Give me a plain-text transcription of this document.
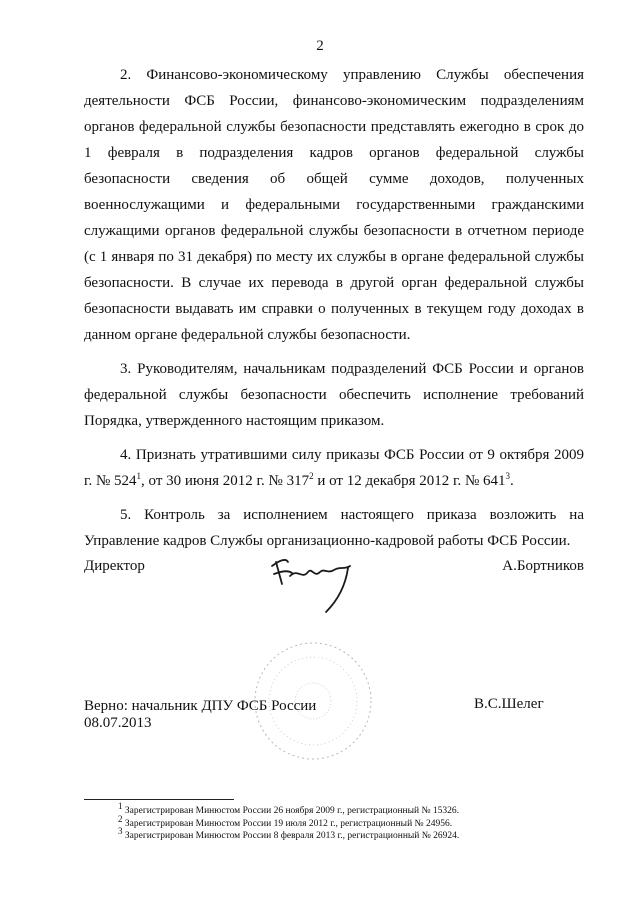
2

2. Финансово-экономическому управлению Службы обеспечения деятельности ФСБ России, финансово-экономическим подразделениям органов федеральной службы безопасности представлять ежегодно в срок до 1 февраля в подразделения кадров органов федеральной службы безопасности сведения об общей сумме доходов, полученных военнослужащими и федеральными государственными гражданскими служащими органов федеральной службы безопасности в отчетном периоде (с 1 января по 31 декабря) по месту их службы в органе федеральной службы безопасности. В случае их перевода в другой орган федеральной службы безопасности выдавать им справки о полученных в текущем году доходах в данном органе федеральной службы безопасности.

3. Руководителям, начальникам подразделений ФСБ России и органов федеральной службы безопасности обеспечить исполнение требований Порядка, утвержденного настоящим приказом.

4. Признать утратившими силу приказы ФСБ России от 9 октября 2009 г. № $524^1$, от 30 июня 2012 г. № $317^2$ и от 12 декабря 2012 г. № $641^3$.

5. Контроль за исполнением настоящего приказа возложить на Управление кадров Службы организационно-кадровой работы ФСБ России.

Директор	А.Бортников
Верно: начальник ДПУ ФСБ России
08.07.2013
В.С.Шелег
$^1$ Зарегистрирован Минюстом России 26 ноября 2009 г., регистрационный № 15326.
$^2$ Зарегистрирован Минюстом России 19 июля 2012 г., регистрационный № 24956.
$^3$ Зарегистрирован Минюстом России 8 февраля 2013 г., регистрационный № 26924.
